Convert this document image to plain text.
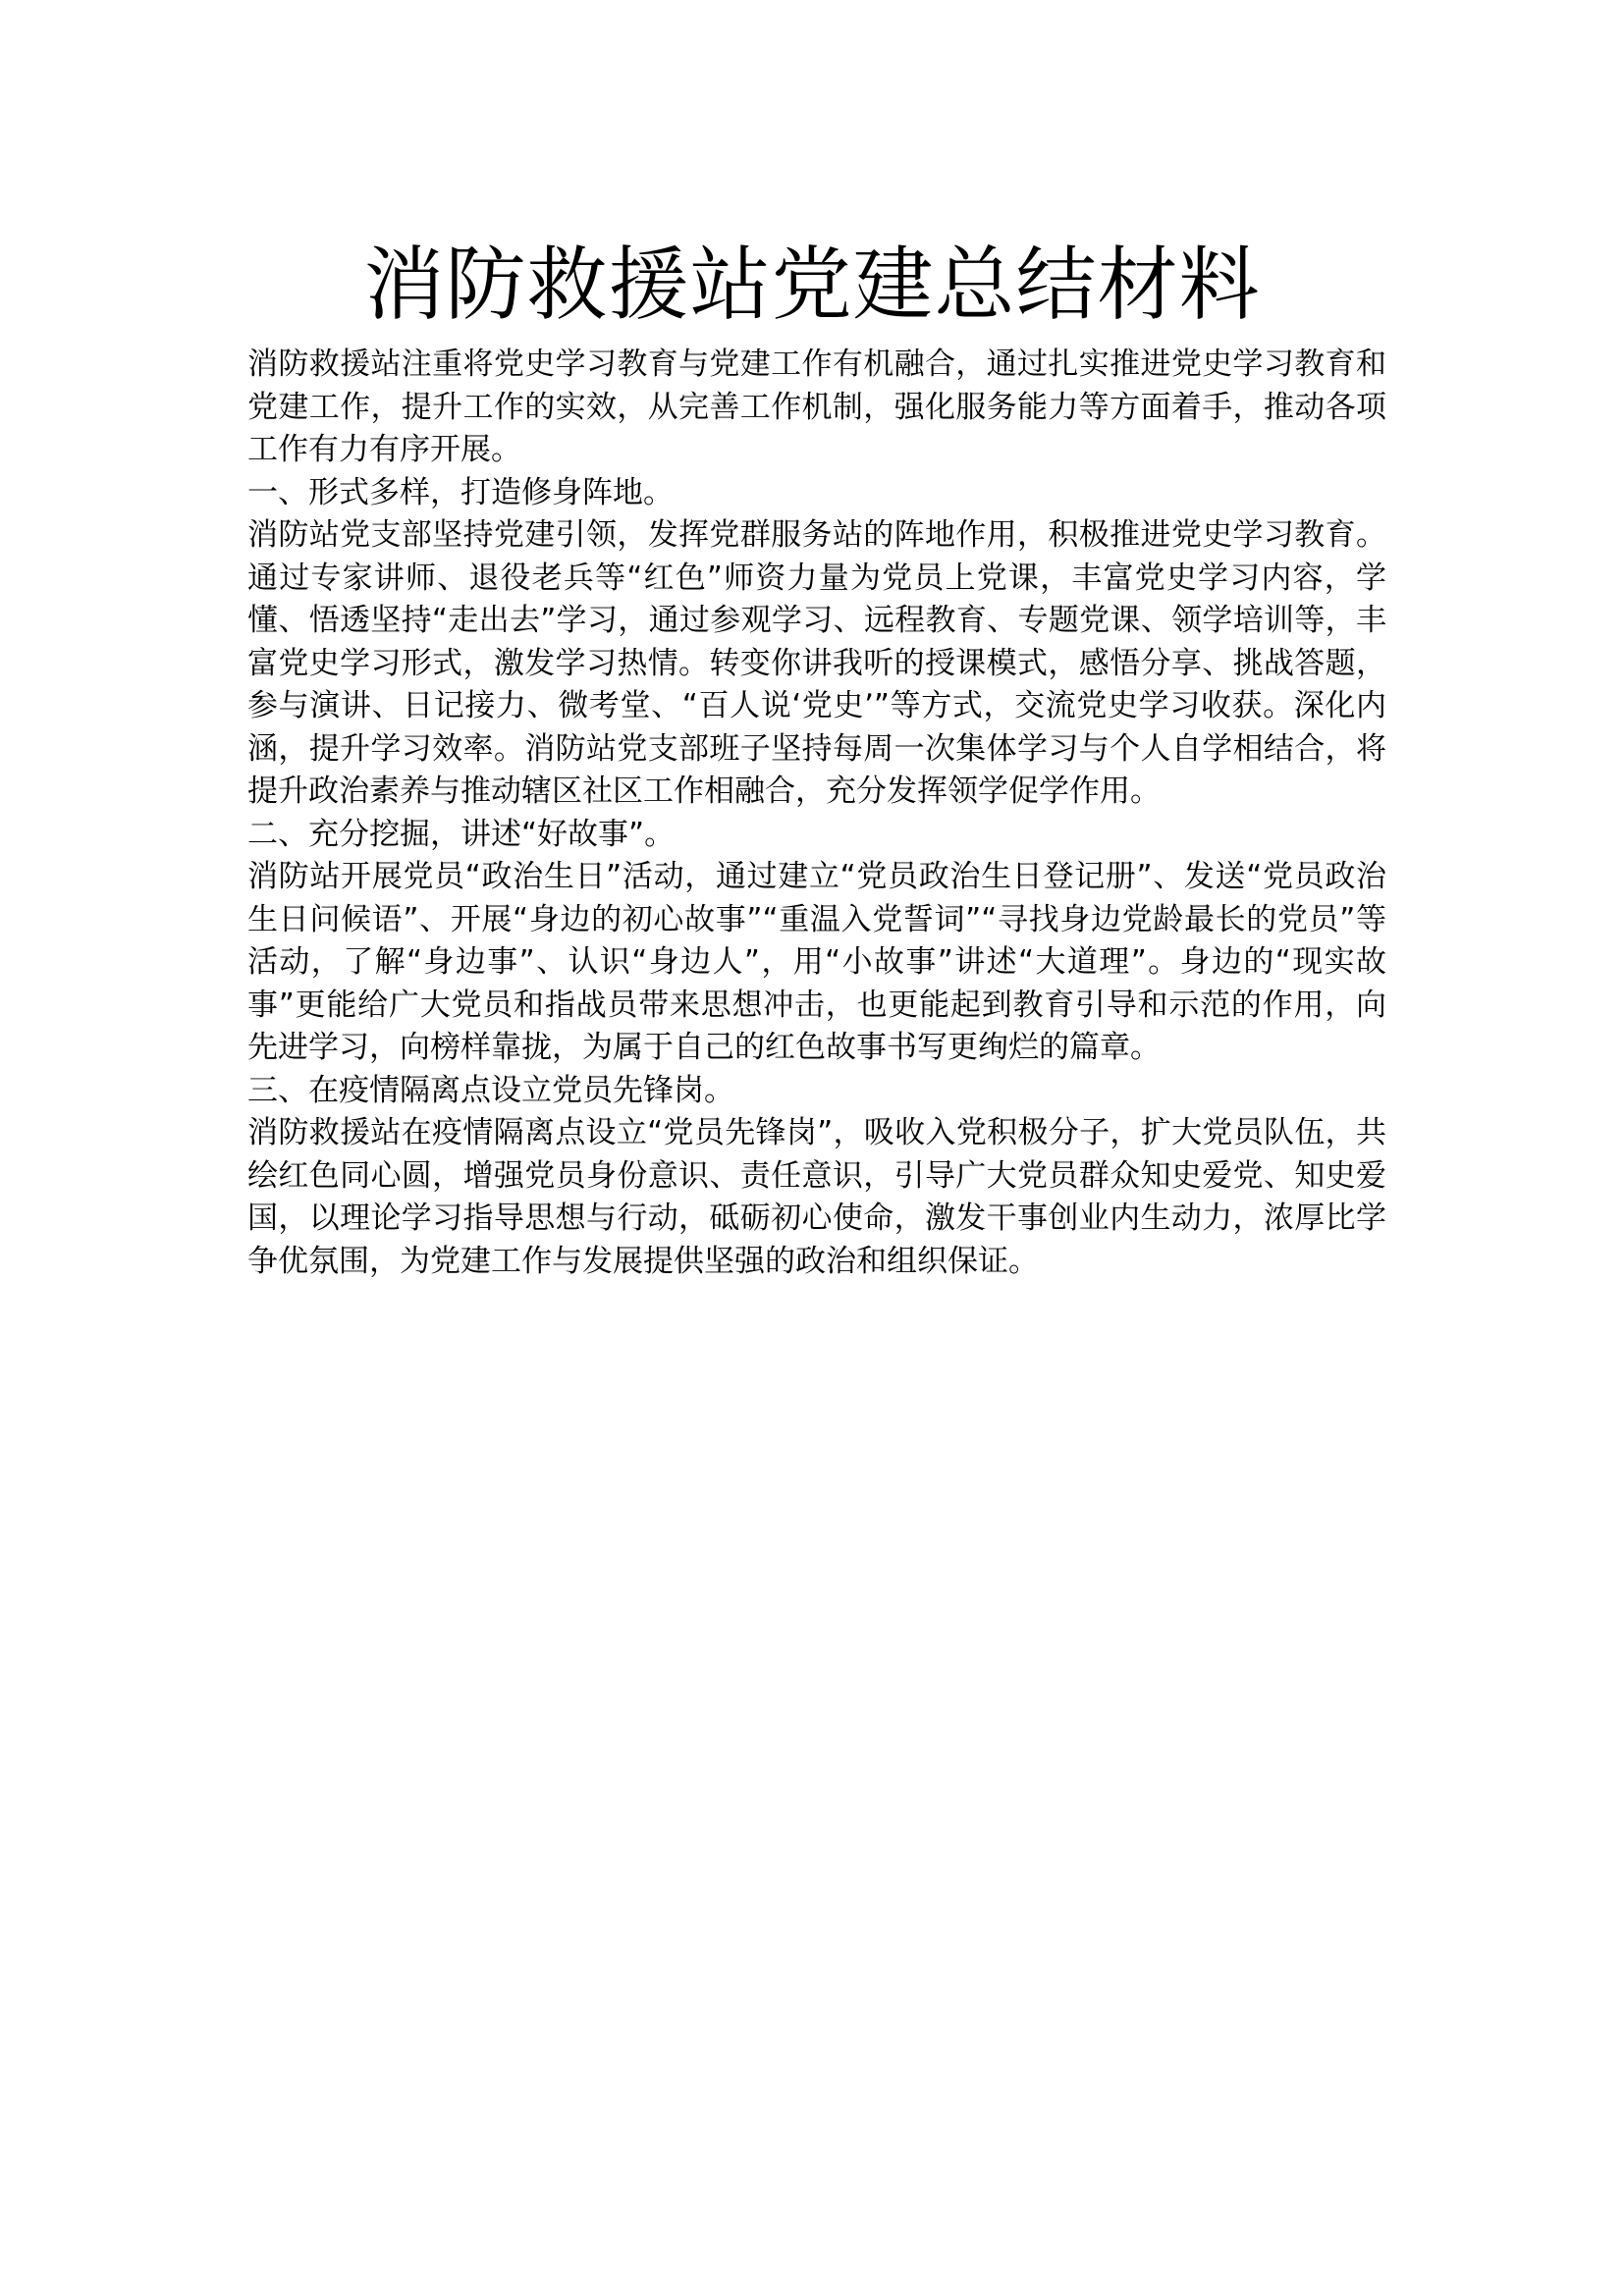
消防救援站党建总结材料

消防救援站注重将党史学习教育与党建工作有机融合，通过扎实推进党史学习教育和党建工作，提升工作的实效，从完善工作机制，强化服务能力等方面着手，推动各项工作有力有序开展。

一、形式多样，打造修身阵地。

消防站党支部坚持党建引领，发挥党群服务站的阵地作用，积极推进党史学习教育。通过专家讲师、退役老兵等“红色”师资力量为党员上党课，丰富党史学习内容，学懂、悟透坚持“走出去”学习，通过参观学习、远程教育、专题党课、领学培训等，丰富党史学习形式，激发学习热情。转变你讲我听的授课模式，感悟分享、挑战答题，参与演讲、日记接力、微考堂、“百人说‘党史’”等方式，交流党史学习收获。深化内涵，提升学习效率。消防站党支部班子坚持每周一次集体学习与个人自学相结合，将提升政治素养与推动辖区社区工作相融合，充分发挥领学促学作用。

二、充分挖掘，讲述“好故事”。

消防站开展党员“政治生日”活动，通过建立“党员政治生日登记册”、发送“党员政治生日问候语”、开展“身边的初心故事”“重温入党誓词”“寻找身边党龄最长的党员”等活动，了解“身边事”、认识“身边人”，用“小故事”讲述“大道理”。身边的“现实故事”更能给广大党员和指战员带来思想冲击，也更能起到教育引导和示范的作用，向先进学习，向榜样靠拢，为属于自己的红色故事书写更绚烂的篇章。

三、在疫情隔离点设立党员先锋岗。

消防救援站在疫情隔离点设立“党员先锋岗”，吸收入党积极分子，扩大党员队伍，共绘红色同心圆，增强党员身份意识、责任意识，引导广大党员群众知史爱党、知史爱国，以理论学习指导思想与行动，砥砺初心使命，激发干事创业内生动力，浓厚比学争优氛围，为党建工作与发展提供坚强的政治和组织保证。
